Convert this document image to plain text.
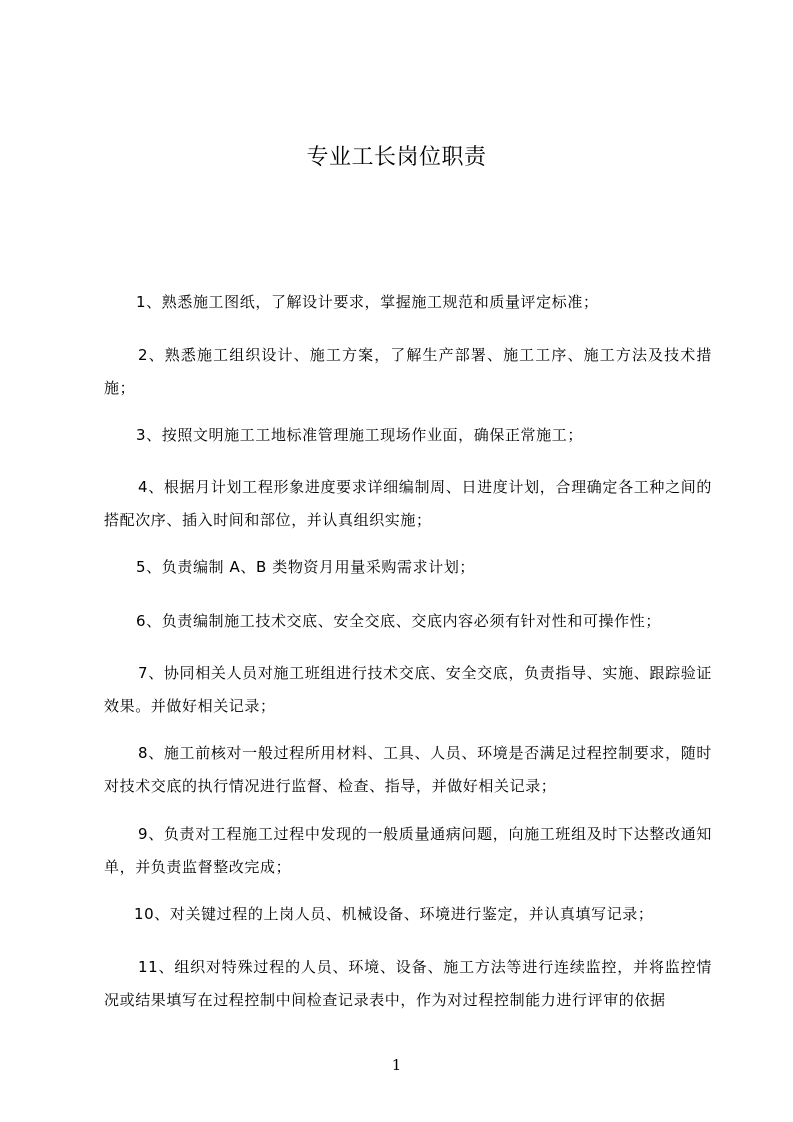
专业工长岗位职责

1、熟悉施工图纸，了解设计要求，掌握施工规范和质量评定标准；

2、熟悉施工组织设计、施工方案，了解生产部署、施工工序、施工方法及技术措施；

3、按照文明施工工地标准管理施工现场作业面，确保正常施工；

4、根据月计划工程形象进度要求详细编制周、日进度计划，合理确定各工种之间的搭配次序、插入时间和部位，并认真组织实施；

5、负责编制 A、B 类物资月用量采购需求计划；

6、负责编制施工技术交底、安全交底、交底内容必须有针对性和可操作性；

7、协同相关人员对施工班组进行技术交底、安全交底，负责指导、实施、跟踪验证效果。并做好相关记录；

8、施工前核对一般过程所用材料、工具、人员、环境是否满足过程控制要求，随时对技术交底的执行情况进行监督、检查、指导，并做好相关记录；

9、负责对工程施工过程中发现的一般质量通病问题，向施工班组及时下达整改通知单，并负责监督整改完成；

10、对关键过程的上岗人员、机械设备、环境进行鉴定，并认真填写记录；

11、组织对特殊过程的人员、环境、设备、施工方法等进行连续监控，并将监控情况或结果填写在过程控制中间检查记录表中，作为对过程控制能力进行评审的依据

1
